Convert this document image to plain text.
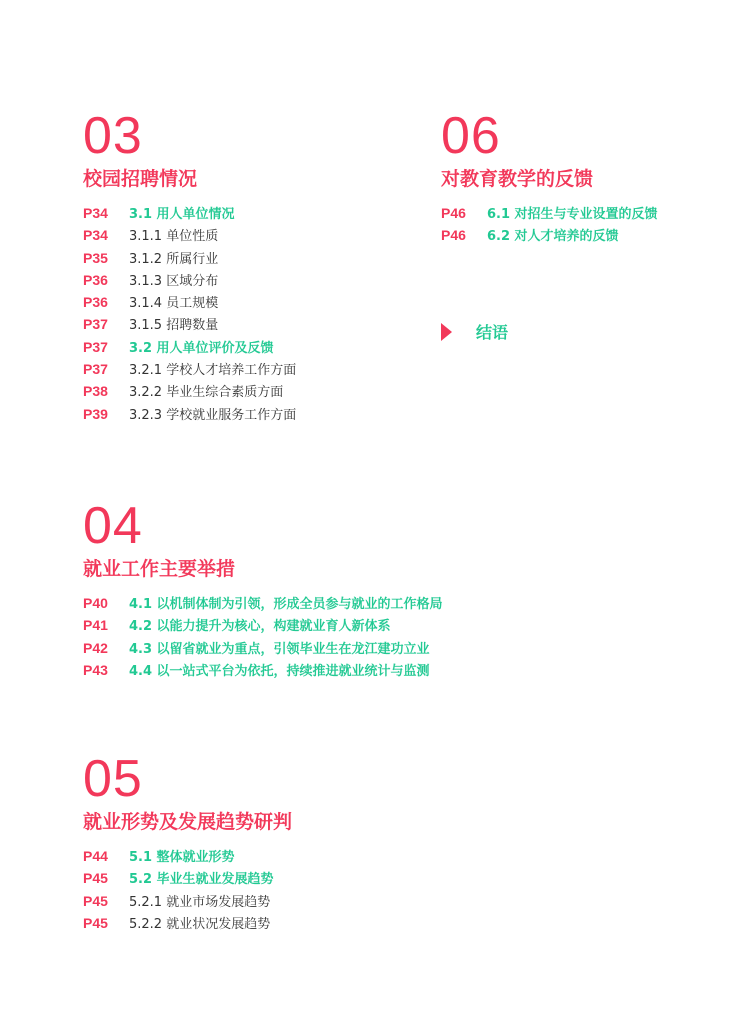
03
校园招聘情况
P34 3.1 用人单位情况
P34 3.1.1 单位性质
P35 3.1.2 所属行业
P36 3.1.3 区域分布
P36 3.1.4 员工规模
P37 3.1.5 招聘数量
P37 3.2 用人单位评价及反馈
P37 3.2.1 学校人才培养工作方面
P38 3.2.2 毕业生综合素质方面
P39 3.2.3 学校就业服务工作方面
06
对教育教学的反馈
P46 6.1 对招生与专业设置的反馈
P46 6.2 对人才培养的反馈
结语
04
就业工作主要举措
P40 4.1 以机制体制为引领，形成全员参与就业的工作格局
P41 4.2 以能力提升为核心，构建就业育人新体系
P42 4.3 以留省就业为重点，引领毕业生在龙江建功立业
P43 4.4 以一站式平台为依托，持续推进就业统计与监测
05
就业形势及发展趋势研判
P44 5.1 整体就业形势
P45 5.2 毕业生就业发展趋势
P45 5.2.1 就业市场发展趋势
P45 5.2.2 就业状况发展趋势
